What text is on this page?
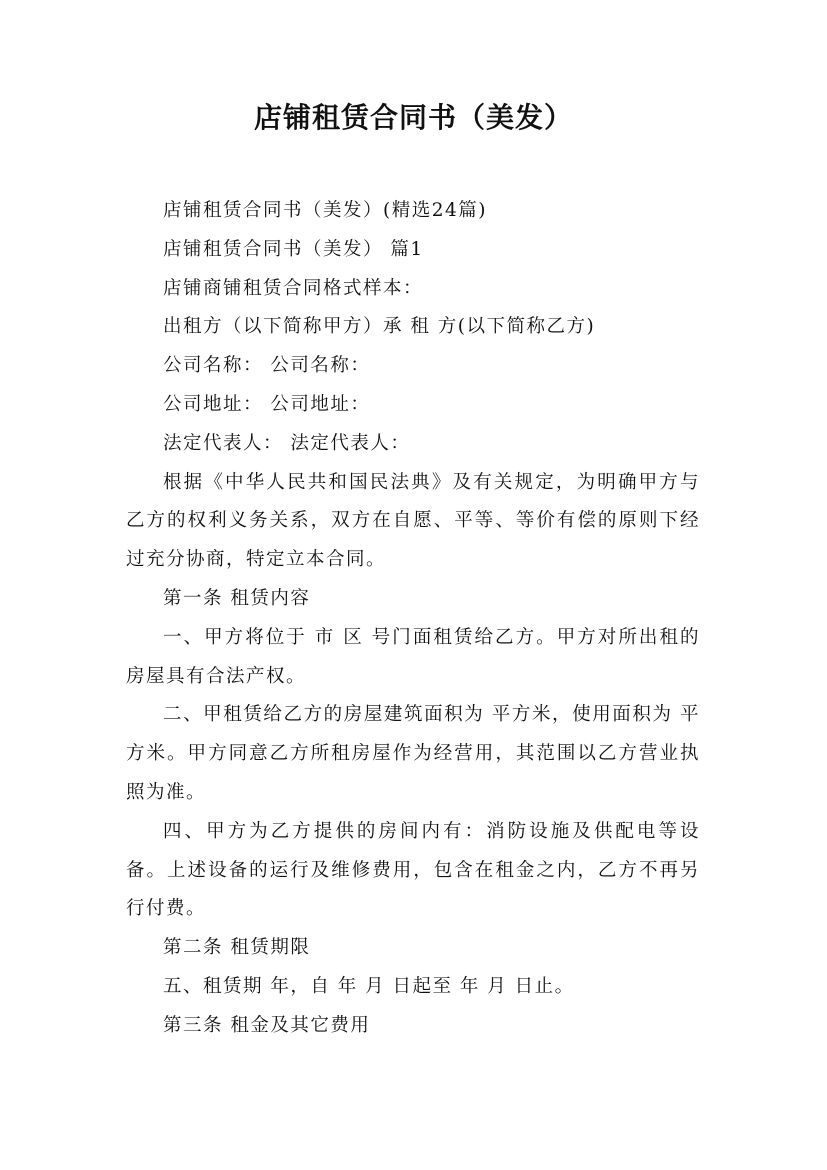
店铺租赁合同书（美发）

店铺租赁合同书（美发）(精选24篇)

店铺租赁合同书（美发） 篇1

店铺商铺租赁合同格式样本：

出租方（以下简称甲方）承 租 方(以下简称乙方)

公司名称： 公司名称：

公司地址： 公司地址：

法定代表人： 法定代表人：

根据《中华人民共和国民法典》及有关规定，为明确甲方与乙方的权利义务关系，双方在自愿、平等、等价有偿的原则下经过充分协商，特定立本合同。

第一条 租赁内容

一、甲方将位于 市 区 号门面租赁给乙方。甲方对所出租的房屋具有合法产权。

二、甲租赁给乙方的房屋建筑面积为 平方米，使用面积为 平方米。甲方同意乙方所租房屋作为经营用，其范围以乙方营业执照为准。

四、甲方为乙方提供的房间内有：消防设施及供配电等设备。上述设备的运行及维修费用，包含在租金之内，乙方不再另行付费。

第二条 租赁期限

五、租赁期 年，自 年 月 日起至 年 月 日止。

第三条 租金及其它费用
